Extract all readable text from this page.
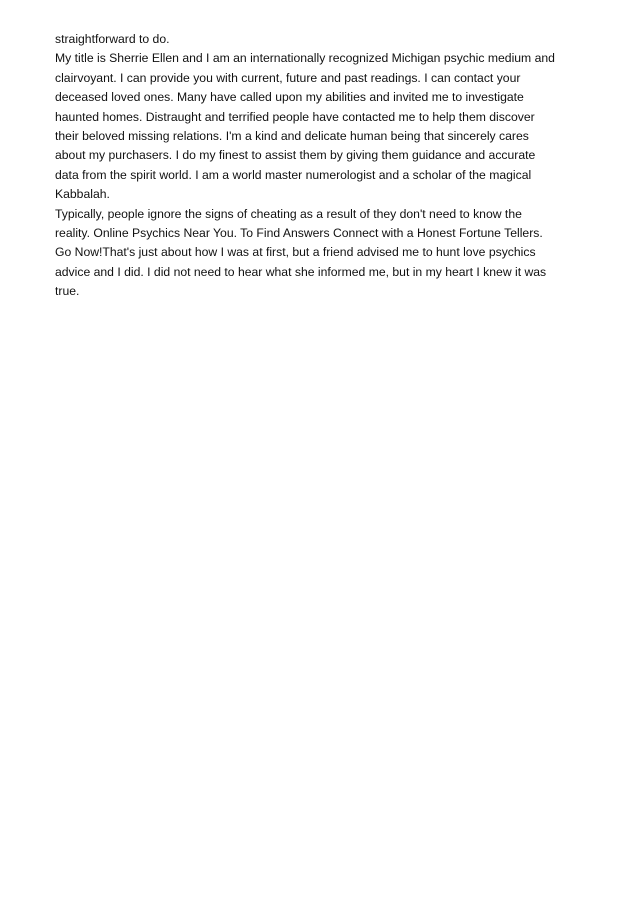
straightforward to do.

My title is Sherrie Ellen and I am an internationally recognized Michigan psychic medium and
clairvoyant. I can provide you with current, future and past readings. I can contact your
deceased loved ones. Many have called upon my abilities and invited me to investigate
haunted homes. Distraught and terrified people have contacted me to help them discover
their beloved missing relations. I'm a kind and delicate human being that sincerely cares
about my purchasers. I do my finest to assist them by giving them guidance and accurate
data from the spirit world. I am a world master numerologist and a scholar of the magical
Kabbalah.

Typically, people ignore the signs of cheating as a result of they don't need to know the
reality. Online Psychics Near You. To Find Answers Connect with a Honest Fortune Tellers.
Go Now!That's just about how I was at first, but a friend advised me to hunt love psychics
advice and I did. I did not need to hear what she informed me, but in my heart I knew it was
true.
